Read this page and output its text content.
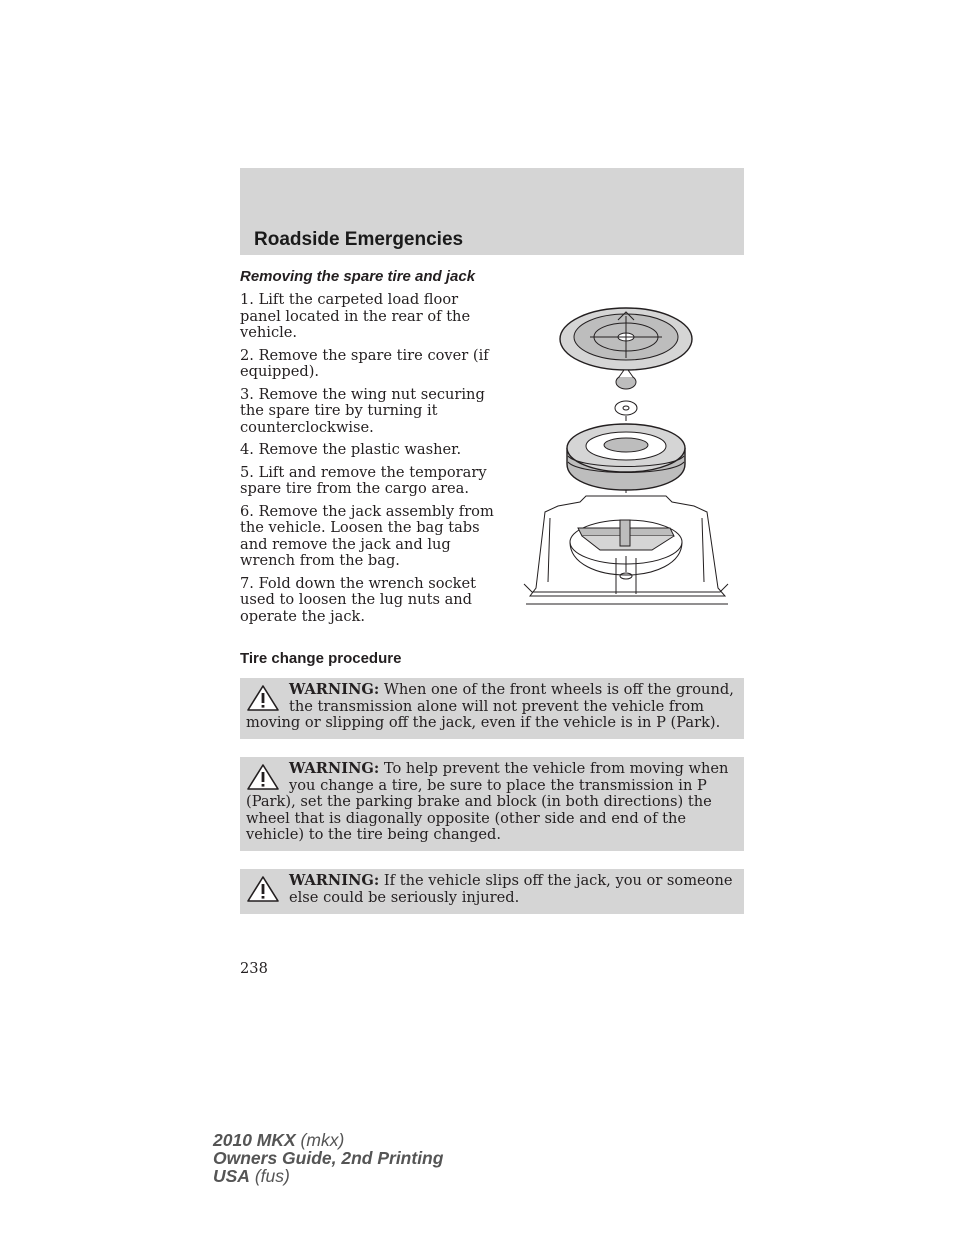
Roadside Emergencies
Removing the spare tire and jack

1. Lift the carpeted load floor panel located in the rear of the vehicle.

2. Remove the spare tire cover (if equipped).

3. Remove the wing nut securing the spare tire by turning it counterclockwise.

4. Remove the plastic washer.

5. Lift and remove the temporary spare tire from the cargo area.

6. Remove the jack assembly from the vehicle. Loosen the bag tabs and remove the jack and lug wrench from the bag.

7. Fold down the wrench socket used to loosen the lug nuts and operate the jack.

Tire change procedure
WARNING: When one of the front wheels is off the ground, the transmission alone will not prevent the vehicle from moving or slipping off the jack, even if the vehicle is in P (Park).
WARNING: To help prevent the vehicle from moving when you change a tire, be sure to place the transmission in P (Park), set the parking brake and block (in both directions) the wheel that is diagonally opposite (other side and end of the vehicle) to the tire being changed.
WARNING: If the vehicle slips off the jack, you or someone else could be seriously injured.
238
2010 MKX (mkx)
Owners Guide, 2nd Printing
USA (fus)
